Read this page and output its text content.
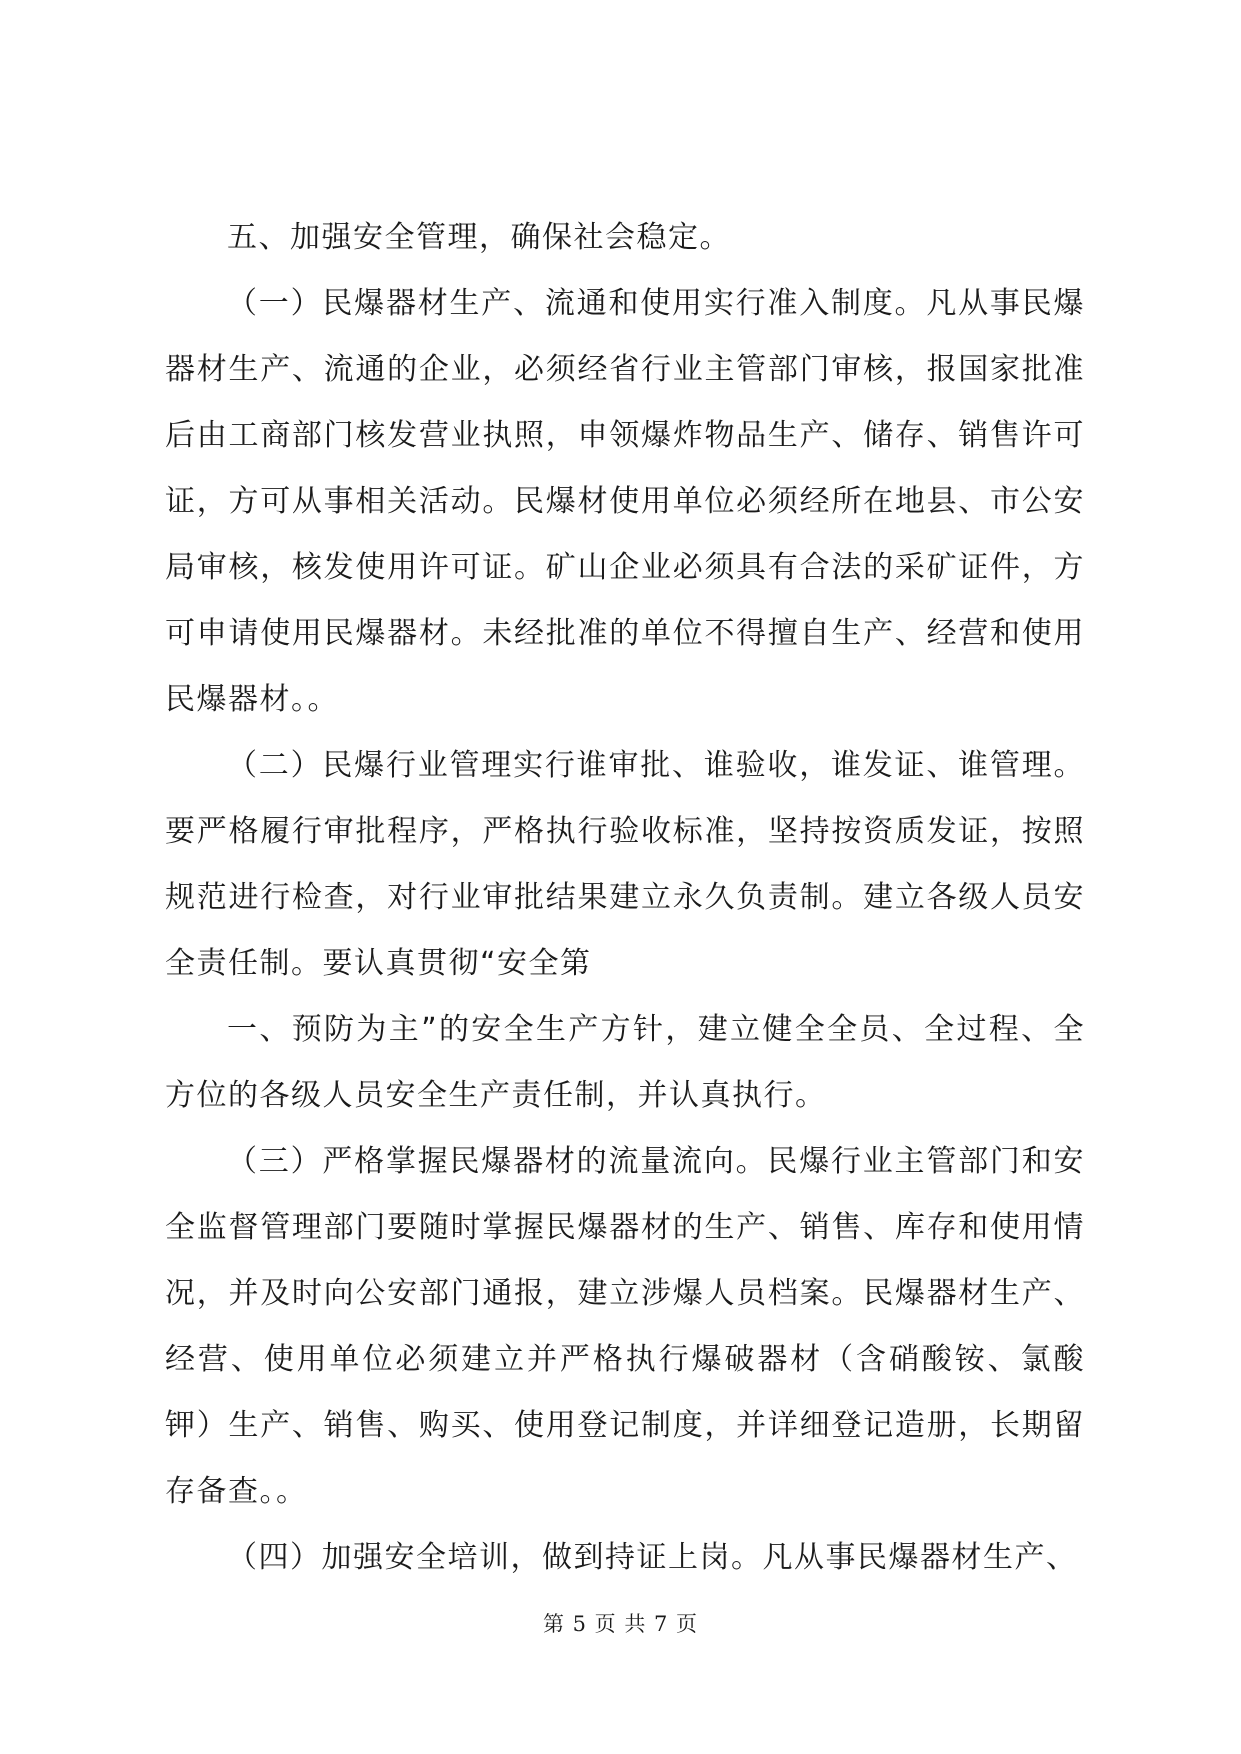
五、加强安全管理，确保社会稳定。

（一）民爆器材生产、流通和使用实行准入制度。凡从事民爆器材生产、流通的企业，必须经省行业主管部门审核，报国家批准后由工商部门核发营业执照，申领爆炸物品生产、储存、销售许可证，方可从事相关活动。民爆材使用单位必须经所在地县、市公安局审核，核发使用许可证。矿山企业必须具有合法的采矿证件，方可申请使用民爆器材。未经批准的单位不得擅自生产、经营和使用民爆器材。。

（二）民爆行业管理实行谁审批、谁验收，谁发证、谁管理。要严格履行审批程序，严格执行验收标准，坚持按资质发证，按照规范进行检查，对行业审批结果建立永久负责制。建立各级人员安全责任制。要认真贯彻“安全第

一、预防为主”的安全生产方针，建立健全全员、全过程、全方位的各级人员安全生产责任制，并认真执行。

（三）严格掌握民爆器材的流量流向。民爆行业主管部门和安全监督管理部门要随时掌握民爆器材的生产、销售、库存和使用情况，并及时向公安部门通报，建立涉爆人员档案。民爆器材生产、经营、使用单位必须建立并严格执行爆破器材（含硝酸铵、氯酸钾）生产、销售、购买、使用登记制度，并详细登记造册，长期留存备查。。

（四）加强安全培训，做到持证上岗。凡从事民爆器材生产、

第 5 页 共 7 页
